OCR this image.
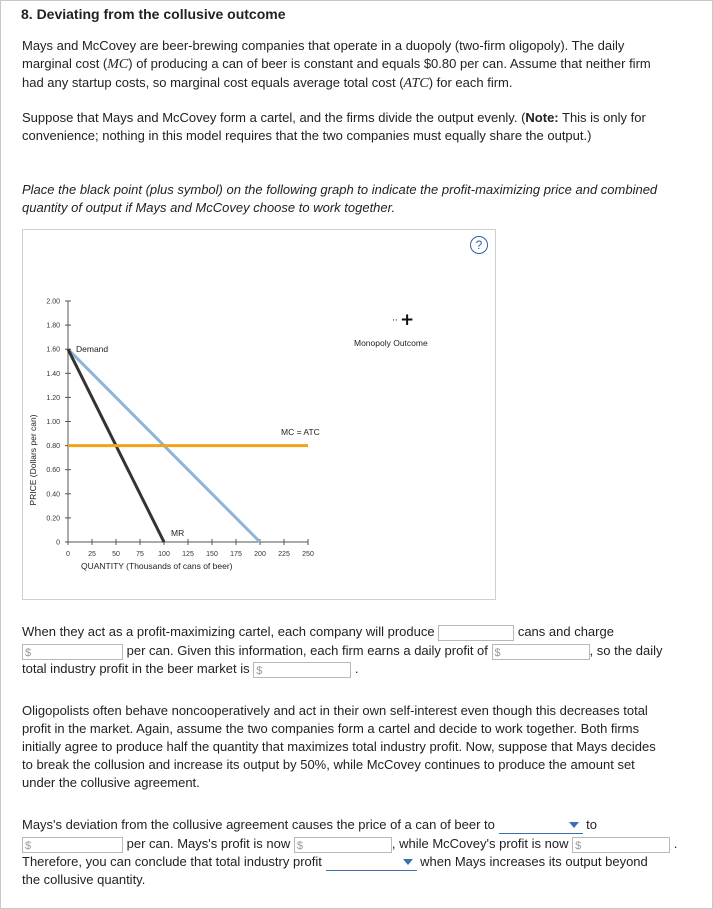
8. Deviating from the collusive outcome
Mays and McCovey are beer-brewing companies that operate in a duopoly (two-firm oligopoly). The daily
marginal cost (MC) of producing a can of beer is constant and equals $0.80 per can. Assume that neither firm
had any startup costs, so marginal cost equals average total cost (ATC) for each firm.
Suppose that Mays and McCovey form a cartel, and the firms divide the output evenly. (Note: This is only for
convenience; nothing in this model requires that the two companies must equally share the output.)
Place the black point (plus symbol) on the following graph to indicate the profit-maximizing price and combined
quantity of output if Mays and McCovey choose to work together.
?
0
0.20
0.40
0.60
0.80
1.00
1.20
1.40
1.60
1.80
2.00
0	25 50 75 100 125 150 175 200 225 250
PRICE (Dollars per can)
QUANTITY (Thousands of cans of beer)
Demand
MR
MC = ATC
Monopoly Outcome
+
··
When they act as a profit-maximizing cartel, each company will produce	cans and charge
$	per can. Given this information, each firm earns a daily profit of $	, so the daily
total industry profit in the beer market is $	.
Oligopolists often behave noncooperatively and act in their own self-interest even though this decreases total
profit in the market. Again, assume the two companies form a cartel and decide to work together. Both firms
initially agree to produce half the quantity that maximizes total industry profit. Now, suppose that Mays decides
to break the collusion and increase its output by 50%, while McCovey continues to produce the amount set
under the collusive agreement.
Mays's deviation from the collusive agreement causes the price of a can of beer to	to
$	per can. Mays's profit is now $	, while McCovey's profit is now $	.
Therefore, you can conclude that total industry profit	when Mays increases its output beyond
the collusive quantity.
